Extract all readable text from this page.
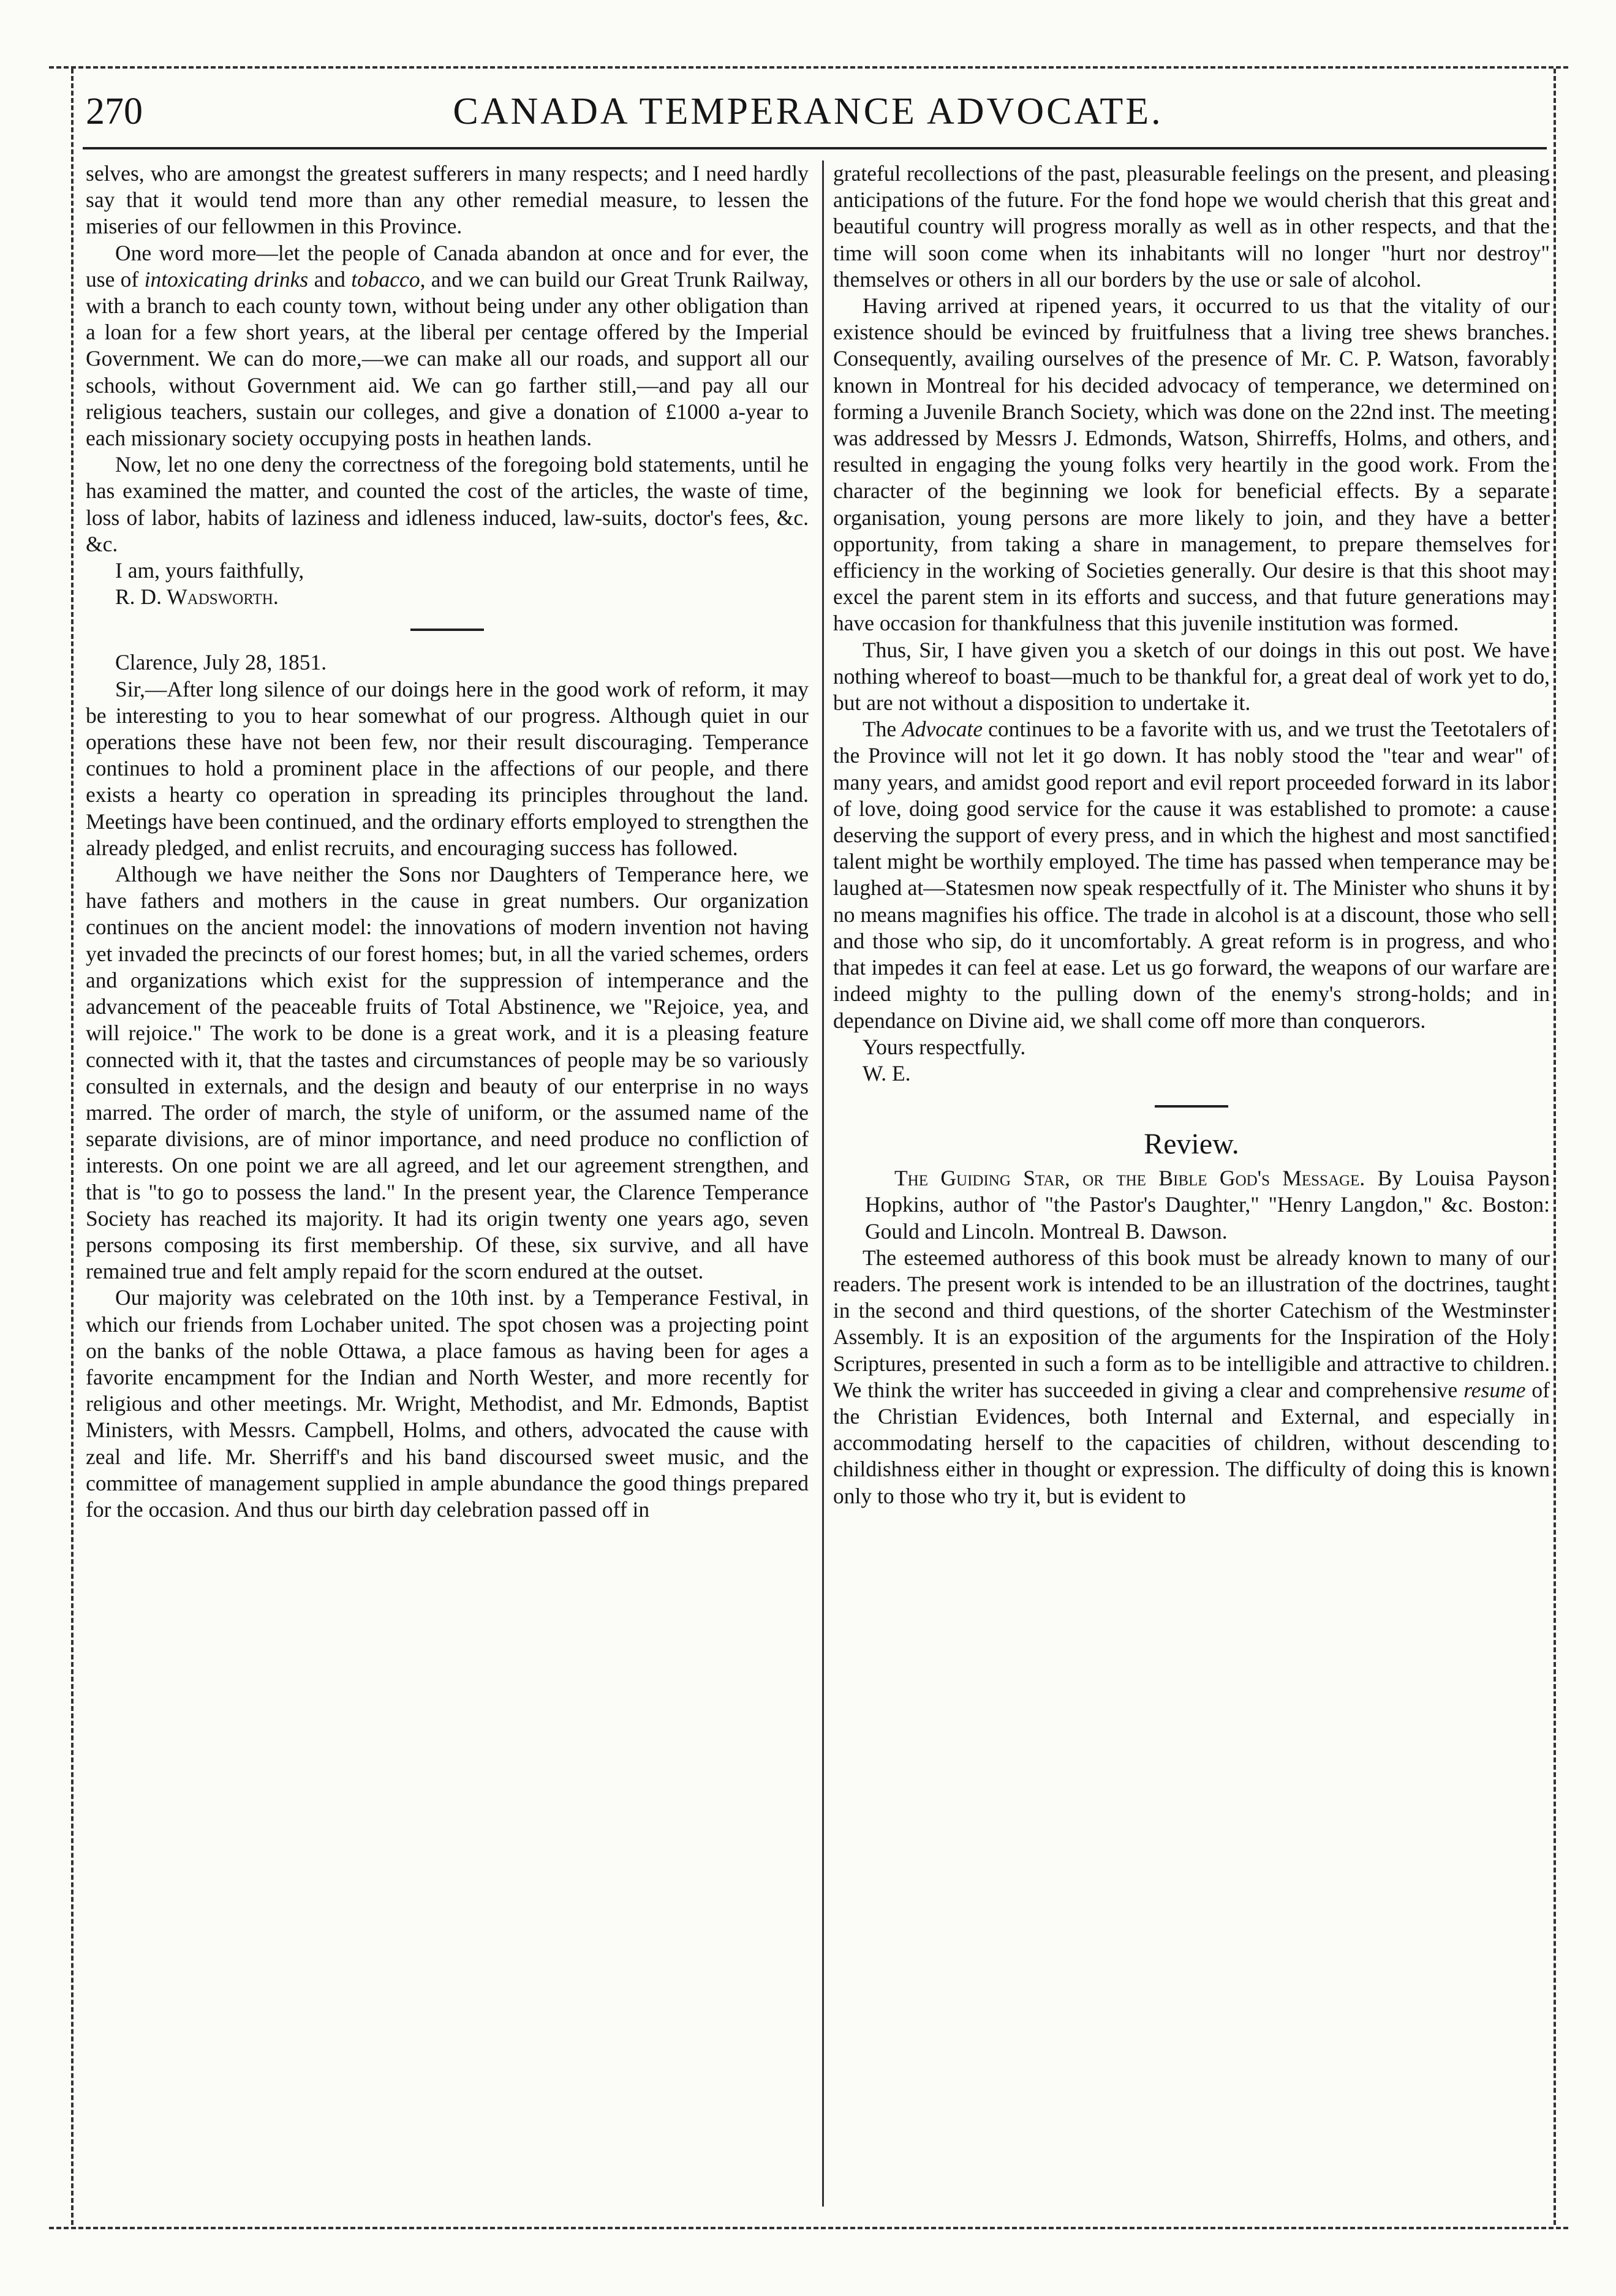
270	CANADA TEMPERANCE ADVOCATE.

selves, who are amongst the greatest sufferers in many respects; and I need hardly say that it would tend more than any other remedial measure, to lessen the miseries of our fellowmen in this Province.

One word more—let the people of Canada abandon at once and for ever, the use of intoxicating drinks and tobacco, and we can build our Great Trunk Railway, with a branch to each county town, without being under any other obligation than a loan for a few short years, at the liberal per centage offered by the Imperial Government. We can do more,—we can make all our roads, and support all our schools, without Government aid. We can go farther still,—and pay all our religious teachers, sustain our colleges, and give a donation of £1000 a-year to each missionary society occupying posts in heathen lands.

Now, let no one deny the correctness of the foregoing bold statements, until he has examined the matter, and counted the cost of the articles, the waste of time, loss of labor, habits of laziness and idleness induced, law-suits, doctor's fees, &c. &c.

I am, yours faithfully,

R. D. Wadsworth.

Clarence, July 28, 1851.

Sir,—After long silence of our doings here in the good work of reform, it may be interesting to you to hear somewhat of our progress. Although quiet in our operations these have not been few, nor their result discouraging. Temperance continues to hold a prominent place in the affections of our people, and there exists a hearty co operation in spreading its principles throughout the land. Meetings have been continued, and the ordinary efforts employed to strengthen the already pledged, and enlist recruits, and encouraging success has followed.

Although we have neither the Sons nor Daughters of Temperance here, we have fathers and mothers in the cause in great numbers. Our organization continues on the ancient model: the innovations of modern invention not having yet invaded the precincts of our forest homes; but, in all the varied schemes, orders and organizations which exist for the suppression of intemperance and the advancement of the peaceable fruits of Total Abstinence, we "Rejoice, yea, and will rejoice." The work to be done is a great work, and it is a pleasing feature connected with it, that the tastes and circumstances of people may be so variously consulted in externals, and the design and beauty of our enterprise in no ways marred. The order of march, the style of uniform, or the assumed name of the separate divisions, are of minor importance, and need produce no confliction of interests. On one point we are all agreed, and let our agreement strengthen, and that is "to go to possess the land." In the present year, the Clarence Temperance Society has reached its majority. It had its origin twenty one years ago, seven persons composing its first membership. Of these, six survive, and all have remained true and felt amply repaid for the scorn endured at the outset.

Our majority was celebrated on the 10th inst. by a Temperance Festival, in which our friends from Lochaber united. The spot chosen was a projecting point on the banks of the noble Ottawa, a place famous as having been for ages a favorite encampment for the Indian and North Wester, and more recently for religious and other meetings. Mr. Wright, Methodist, and Mr. Edmonds, Baptist Ministers, with Messrs. Campbell, Holms, and others, advocated the cause with zeal and life. Mr. Sherriff's and his band discoursed sweet music, and the committee of management supplied in ample abundance the good things prepared for the occasion. And thus our birth day celebration passed off in

grateful recollections of the past, pleasurable feelings on the present, and pleasing anticipations of the future. For the fond hope we would cherish that this great and beautiful country will progress morally as well as in other respects, and that the time will soon come when its inhabitants will no longer "hurt nor destroy" themselves or others in all our borders by the use or sale of alcohol.

Having arrived at ripened years, it occurred to us that the vitality of our existence should be evinced by fruitfulness that a living tree shews branches. Consequently, availing ourselves of the presence of Mr. C. P. Watson, favorably known in Montreal for his decided advocacy of temperance, we determined on forming a Juvenile Branch Society, which was done on the 22nd inst. The meeting was addressed by Messrs J. Edmonds, Watson, Shirreffs, Holms, and others, and resulted in engaging the young folks very heartily in the good work. From the character of the beginning we look for beneficial effects. By a separate organisation, young persons are more likely to join, and they have a better opportunity, from taking a share in management, to prepare themselves for efficiency in the working of Societies generally. Our desire is that this shoot may excel the parent stem in its efforts and success, and that future generations may have occasion for thankfulness that this juvenile institution was formed.

Thus, Sir, I have given you a sketch of our doings in this out post. We have nothing whereof to boast—much to be thankful for, a great deal of work yet to do, but are not without a disposition to undertake it.

The Advocate continues to be a favorite with us, and we trust the Teetotalers of the Province will not let it go down. It has nobly stood the "tear and wear" of many years, and amidst good report and evil report proceeded forward in its labor of love, doing good service for the cause it was established to promote: a cause deserving the support of every press, and in which the highest and most sanctified talent might be worthily employed. The time has passed when temperance may be laughed at—Statesmen now speak respectfully of it. The Minister who shuns it by no means magnifies his office. The trade in alcohol is at a discount, those who sell and those who sip, do it uncomfortably. A great reform is in progress, and who that impedes it can feel at ease. Let us go forward, the weapons of our warfare are indeed mighty to the pulling down of the enemy's strong-holds; and in dependance on Divine aid, we shall come off more than conquerors.

Yours respectfully.

W. E.

Review.

The Guiding Star, or the Bible God's Message. By Louisa Payson Hopkins, author of "the Pastor's Daughter," "Henry Langdon," &c. Boston: Gould and Lincoln. Montreal B. Dawson.

The esteemed authoress of this book must be already known to many of our readers. The present work is intended to be an illustration of the doctrines, taught in the second and third questions, of the shorter Catechism of the Westminster Assembly. It is an exposition of the arguments for the Inspiration of the Holy Scriptures, presented in such a form as to be intelligible and attractive to children. We think the writer has succeeded in giving a clear and comprehensive resume of the Christian Evidences, both Internal and External, and especially in accommodating herself to the capacities of children, without descending to childishness either in thought or expression. The difficulty of doing this is known only to those who try it, but is evident to
